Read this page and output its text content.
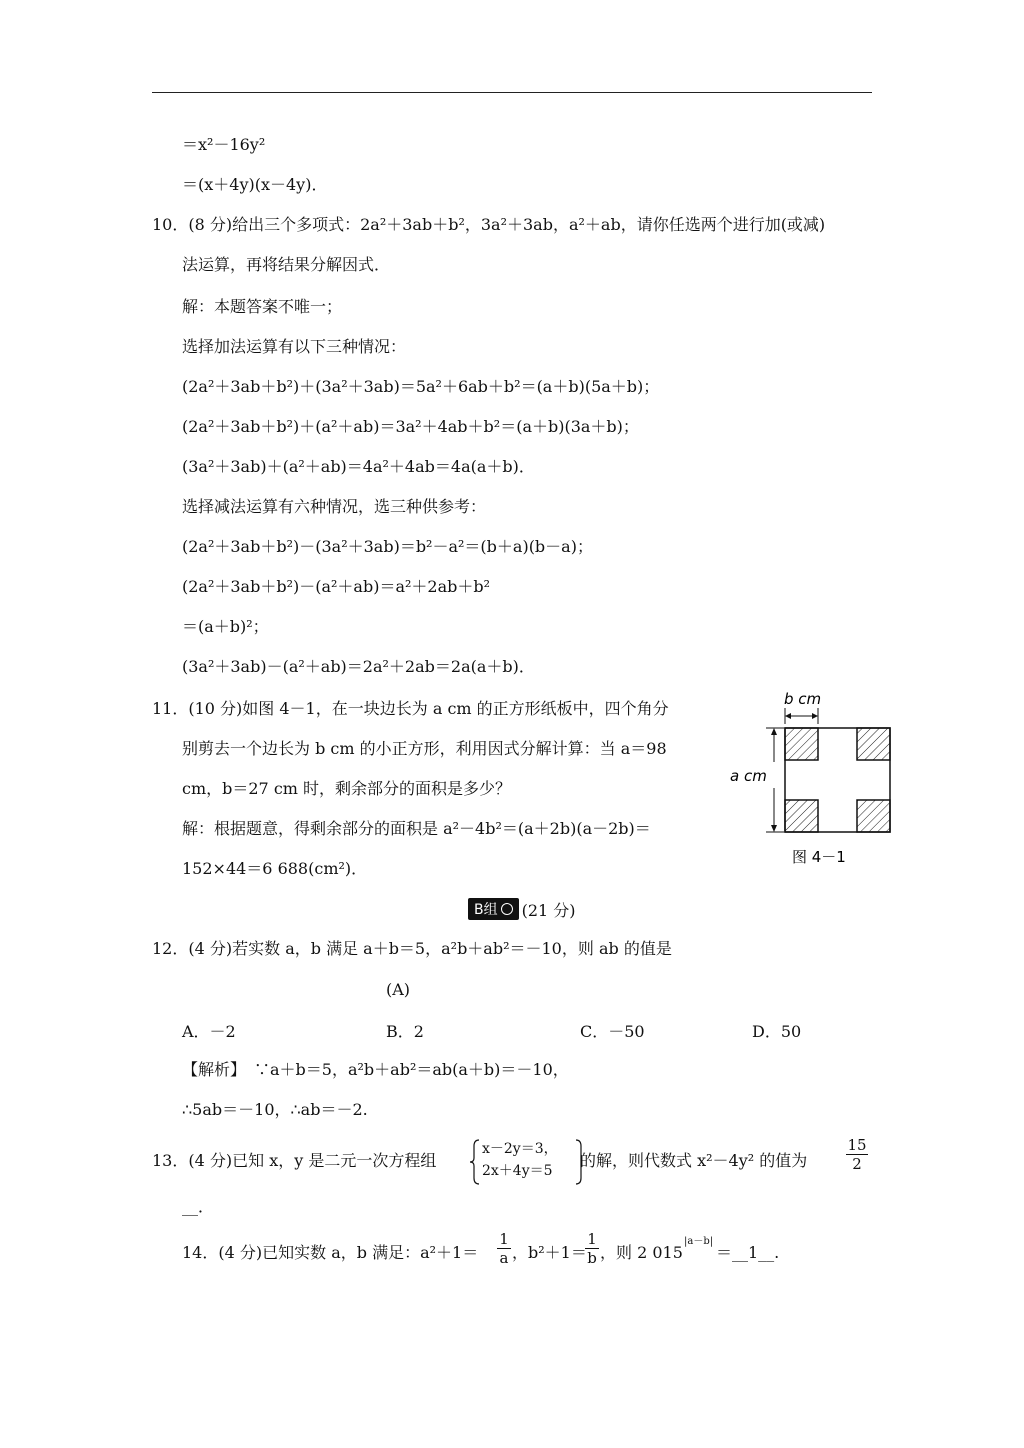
＝x²－16y²
＝(x＋4y)(x－4y)．
10．(8 分)给出三个多项式：2a²＋3ab＋b²，3a²＋3ab，a²＋ab，请你任选两个进行加(或减)
法运算，再将结果分解因式．
解：本题答案不唯一；
选择加法运算有以下三种情况：
(2a²＋3ab＋b²)＋(3a²＋3ab)＝5a²＋6ab＋b²＝(a＋b)(5a＋b)；
(2a²＋3ab＋b²)＋(a²＋ab)＝3a²＋4ab＋b²＝(a＋b)(3a＋b)；
(3a²＋3ab)＋(a²＋ab)＝4a²＋4ab＝4a(a＋b)．
选择减法运算有六种情况，选三种供参考：
(2a²＋3ab＋b²)－(3a²＋3ab)＝b²－a²＝(b＋a)(b－a)；
(2a²＋3ab＋b²)－(a²＋ab)＝a²＋2ab＋b²
＝(a＋b)²；
(3a²＋3ab)－(a²＋ab)＝2a²＋2ab＝2a(a＋b)．
11．(10 分)如图 4－1，在一块边长为 a cm 的正方形纸板中，四个角分
别剪去一个边长为 b cm 的小正方形，利用因式分解计算：当 a＝98
cm，b＝27 cm 时，剩余部分的面积是多少？
解：根据题意，得剩余部分的面积是 a²－4b²＝(a＋2b)(a－2b)＝
152×44＝6 688(cm²)．
b cm
a cm
图 4－1
B组 (21 分)
12．(4 分)若实数 a，b 满足 a＋b＝5，a²b＋ab²＝－10，则 ab 的值是
(A)
A．－2	B．2	C．－50	D．50
【解析】　∵a＋b＝5，a²b＋ab²＝ab(a＋b)＝－10，
∴5ab＝－10，∴ab＝－2.
13．(4 分)已知 x，y 是二元一次方程组
x－2y＝3，
2x＋4y＝5
的解，则代数式 x²－4y² 的值为
15
2
__．
14．(4 分)已知实数 a，b 满足：a²＋1＝
1
a ，b²＋1＝
1
b ，则 2 015
|a－b|
＝__1__.
